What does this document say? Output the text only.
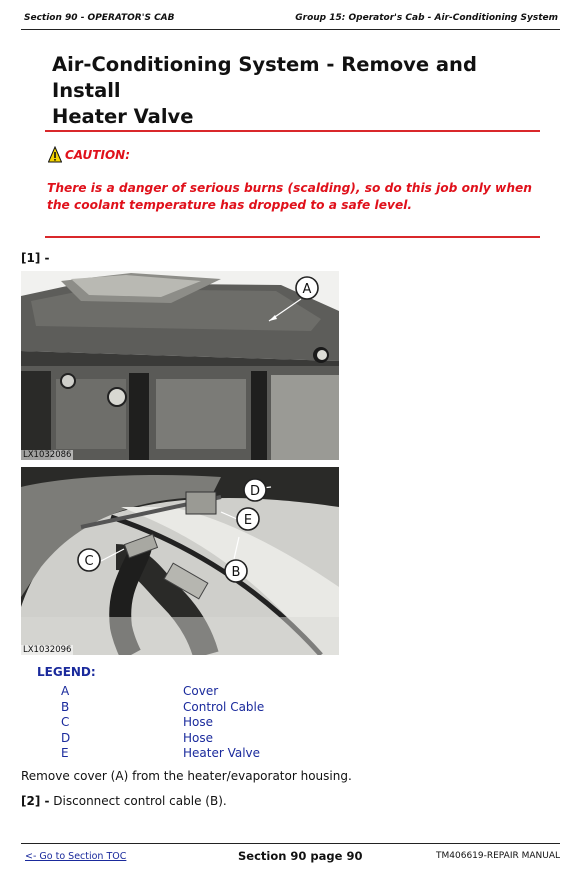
Section 90 - OPERATOR'S CAB	Group 15: Operator's Cab - Air-Conditioning System
Air-Conditioning System - Remove and Install
Heater Valve
CAUTION:
There is a danger of serious burns (scalding), so do this job only when the coolant temperature has dropped to a safe level.
[1] -
A
LX1032086
D
E
C
B
LX1032096
LEGEND:
A	Cover
B	Control Cable
C	Hose
D	Hose
E	Heater Valve
Remove cover (A) from the heater/evaporator housing.
[2] - Disconnect control cable (B).
<- Go to Section TOC	Section 90 page 90	TM406619-REPAIR MANUAL
